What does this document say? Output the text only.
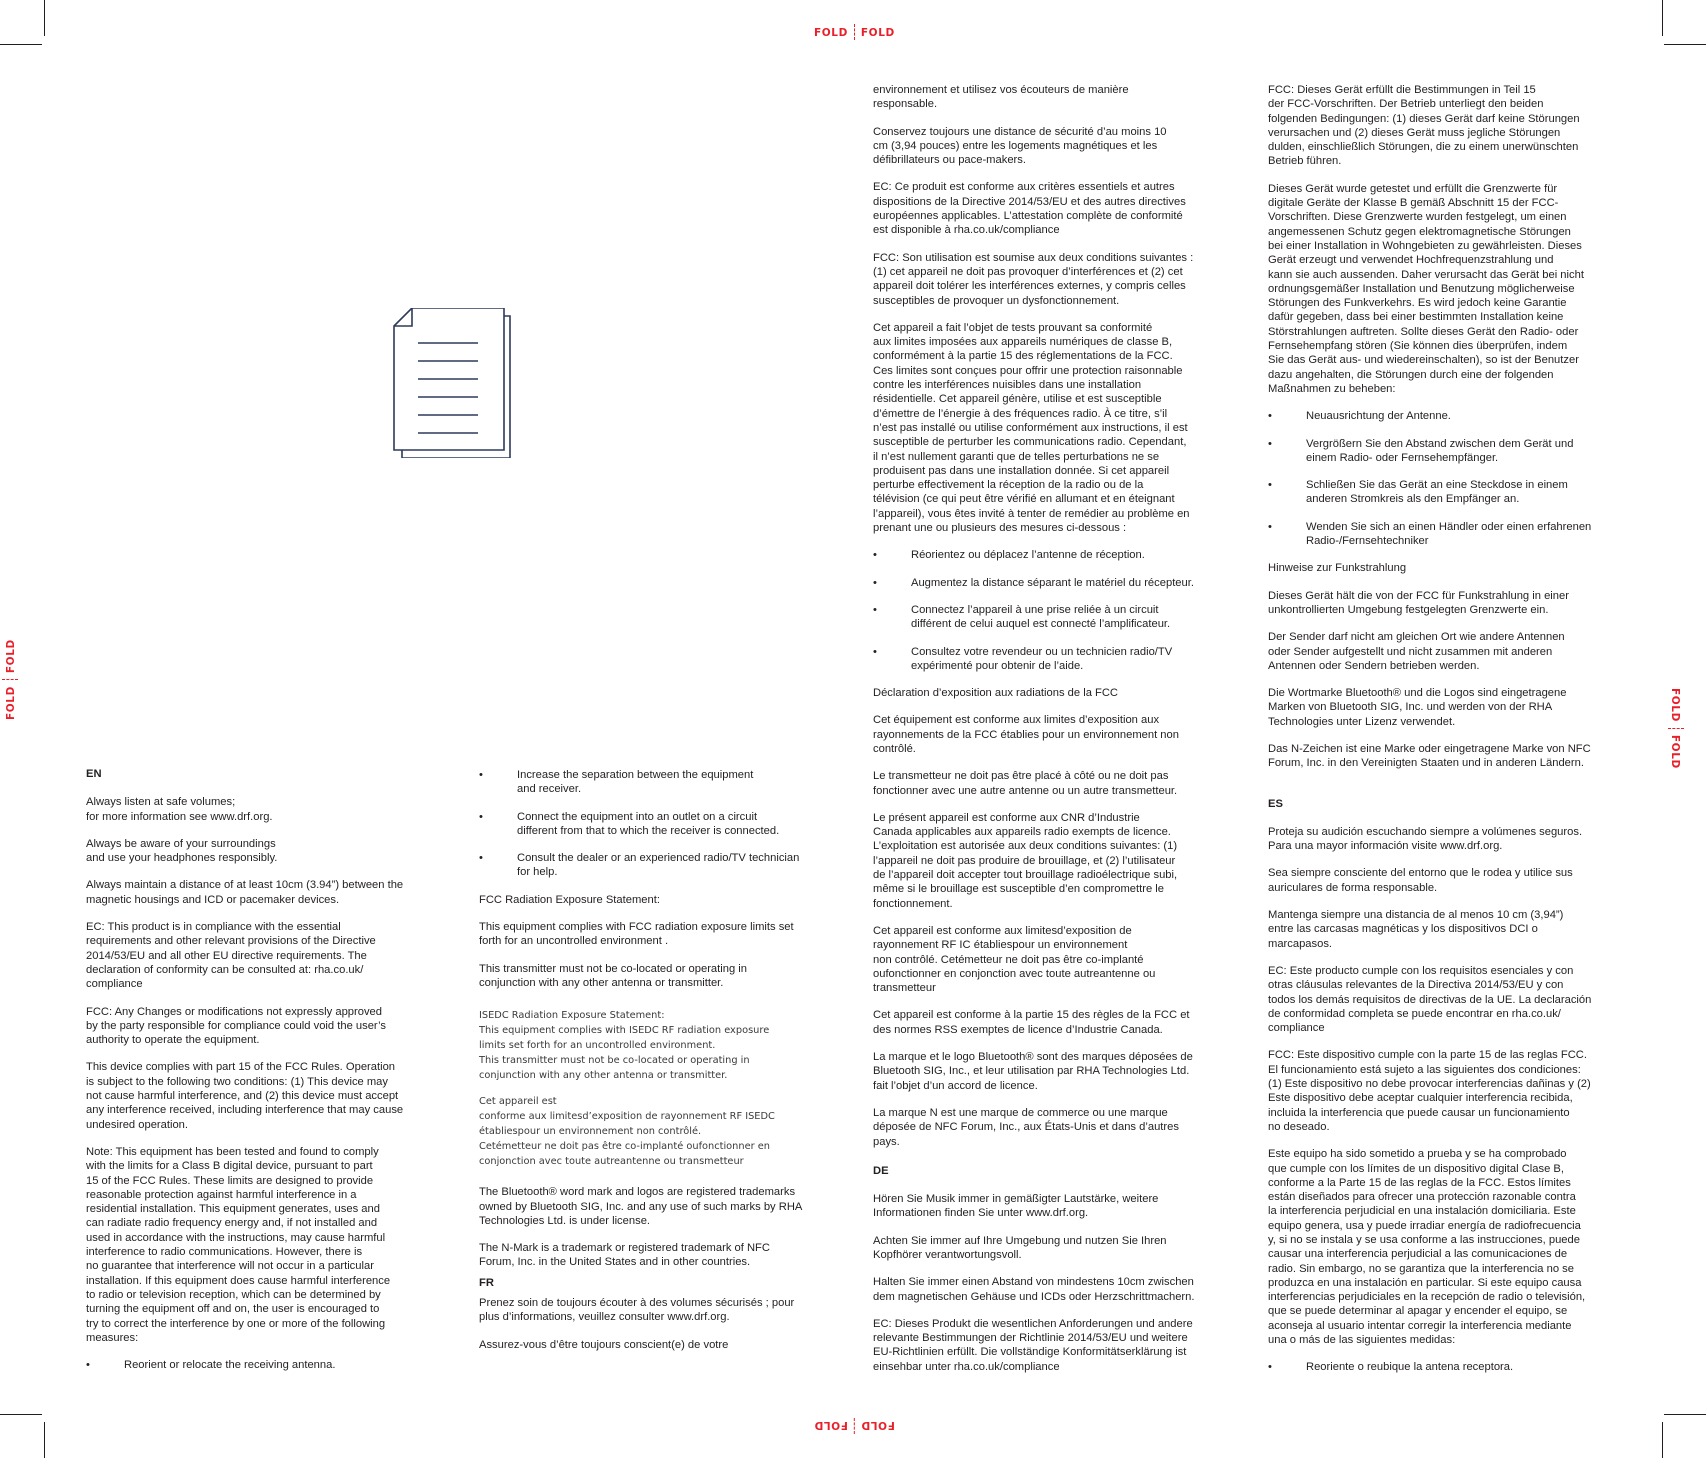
FOLD FOLD
FOLDFOLD
FOLDFOLD
FOLDFOLD
EN

Always listen at safe volumes;
for more information see www.drf.org.

Always be aware of your surroundings
and use your headphones responsibly.

Always maintain a distance of at least 10cm (3.94”) between the
magnetic housings and ICD or pacemaker devices.

EC: This product is in compliance with the essential
requirements and other relevant provisions of the Directive
2014/53/EU and all other EU directive requirements. The
declaration of conformity can be consulted at: rha.co.uk/
compliance

FCC: Any Changes or modifications not expressly approved
by the party responsible for compliance could void the user’s
authority to operate the equipment.

This device complies with part 15 of the FCC Rules. Operation
is subject to the following two conditions: (1) This device may
not cause harmful interference, and (2) this device must accept
any interference received, including interference that may cause
undesired operation.

Note: This equipment has been tested and found to comply
with the limits for a Class B digital device, pursuant to part
15 of the FCC Rules. These limits are designed to provide
reasonable protection against harmful interference in a
residential installation. This equipment generates, uses and
can radiate radio frequency energy and, if not installed and
used in accordance with the instructions, may cause harmful
interference to radio communications. However, there is
no guarantee that interference will not occur in a particular
installation. If this equipment does cause harmful interference
to radio or television reception, which can be determined by
turning the equipment off and on, the user is encouraged to
try to correct the interference by one or more of the following
measures:

• Reorient or relocate the receiving antenna.
• Increase the separation between the equipment
and receiver.
• Connect the equipment into an outlet on a circuit
different from that to which the receiver is connected.
• Consult the dealer or an experienced radio/TV technician
for help.

FCC Radiation Exposure Statement:

This equipment complies with FCC radiation exposure limits set
forth for an uncontrolled environment .

This transmitter must not be co-located or operating in
conjunction with any other antenna or transmitter.

ISEDC Radiation Exposure Statement:
This equipment complies with ISEDC RF radiation exposure
limits set forth for an uncontrolled environment.
This transmitter must not be co-located or operating in
conjunction with any other antenna or transmitter.

Cet appareil est
conforme aux limitesd’exposition de rayonnement RF ISEDC
établiespour un environnement non contrôlé.
Cetémetteur ne doit pas être co-implanté oufonctionner en
conjonction avec toute autreantenne ou transmetteur

The Bluetooth® word mark and logos are registered trademarks
owned by Bluetooth SIG, Inc. and any use of such marks by RHA
Technologies Ltd. is under license.

The N-Mark is a trademark or registered trademark of NFC
Forum, Inc. in the United States and in other countries.

FR

Prenez soin de toujours écouter à des volumes sécurisés ; pour
plus d’informations, veuillez consulter www.drf.org.

Assurez-vous d’être toujours conscient(e) de votre

environnement et utilisez vos écouteurs de manière
responsable.

Conservez toujours une distance de sécurité d’au moins 10
cm (3,94 pouces) entre les logements magnétiques et les
défibrillateurs ou pace-makers.

EC: Ce produit est conforme aux critères essentiels et autres
dispositions de la Directive 2014/53/EU et des autres directives
européennes applicables. L’attestation complète de conformité
est disponible à rha.co.uk/compliance

FCC: Son utilisation est soumise aux deux conditions suivantes :
(1) cet appareil ne doit pas provoquer d’interférences et (2) cet
appareil doit tolérer les interférences externes, y compris celles
susceptibles de provoquer un dysfonctionnement.

Cet appareil a fait l’objet de tests prouvant sa conformité
aux limites imposées aux appareils numériques de classe B,
conformément à la partie 15 des réglementations de la FCC.
Ces limites sont conçues pour offrir une protection raisonnable
contre les interférences nuisibles dans une installation
résidentielle. Cet appareil génère, utilise et est susceptible
d’émettre de l’énergie à des fréquences radio. À ce titre, s’il
n’est pas installé ou utilise conformément aux instructions, il est
susceptible de perturber les communications radio. Cependant,
il n’est nullement garanti que de telles perturbations ne se
produisent pas dans une installation donnée. Si cet appareil
perturbe effectivement la réception de la radio ou de la
télévision (ce qui peut être vérifié en allumant et en éteignant
l’appareil), vous êtes invité à tenter de remédier au problème en
prenant une ou plusieurs des mesures ci-dessous :

• Réorientez ou déplacez l’antenne de réception.
• Augmentez la distance séparant le matériel du récepteur.
• Connectez l’appareil à une prise reliée à un circuit
différent de celui auquel est connecté l’amplificateur.
• Consultez votre revendeur ou un technicien radio/TV
expérimenté pour obtenir de l’aide.

Déclaration d’exposition aux radiations de la FCC

Cet équipement est conforme aux limites d’exposition aux
rayonnements de la FCC établies pour un environnement non
contrôlé.

Le transmetteur ne doit pas être placé à côté ou ne doit pas
fonctionner avec une autre antenne ou un autre transmetteur.

Le présent appareil est conforme aux CNR d’Industrie
Canada applicables aux appareils radio exempts de licence.
L’exploitation est autorisée aux deux conditions suivantes: (1)
l’appareil ne doit pas produire de brouillage, et (2) l’utilisateur
de l’appareil doit accepter tout brouillage radioélectrique subi,
même si le brouillage est susceptible d’en compromettre le
fonctionnement.

Cet appareil est conforme aux limitesd’exposition de
rayonnement RF IC établiespour un environnement
non contrôlé. Cetémetteur ne doit pas être co-implanté
oufonctionner en conjonction avec toute autreantenne ou
transmetteur

Cet appareil est conforme à la partie 15 des règles de la FCC et
des normes RSS exemptes de licence d’Industrie Canada.

La marque et le logo Bluetooth® sont des marques déposées de
Bluetooth SIG, Inc., et leur utilisation par RHA Technologies Ltd.
fait l’objet d’un accord de licence.

La marque N est une marque de commerce ou une marque
déposée de NFC Forum, Inc., aux États-Unis et dans d’autres
pays.

DE

Hören Sie Musik immer in gemäßigter Lautstärke, weitere
Informationen finden Sie unter www.drf.org.

Achten Sie immer auf Ihre Umgebung und nutzen Sie Ihren
Kopfhörer verantwortungsvoll.

Halten Sie immer einen Abstand von mindestens 10cm zwischen
dem magnetischen Gehäuse und ICDs oder Herzschrittmachern.

EC: Dieses Produkt die wesentlichen Anforderungen und andere
relevante Bestimmungen der Richtlinie 2014/53/EU und weitere
EU-Richtlinien erfüllt. Die vollständige Konformitätserklärung ist
einsehbar unter rha.co.uk/compliance

FCC: Dieses Gerät erfüllt die Bestimmungen in Teil 15
der FCC-Vorschriften. Der Betrieb unterliegt den beiden
folgenden Bedingungen: (1) dieses Gerät darf keine Störungen
verursachen und (2) dieses Gerät muss jegliche Störungen
dulden, einschließlich Störungen, die zu einem unerwünschten
Betrieb führen.

Dieses Gerät wurde getestet und erfüllt die Grenzwerte für
digitale Geräte der Klasse B gemäß Abschnitt 15 der FCC-
Vorschriften. Diese Grenzwerte wurden festgelegt, um einen
angemessenen Schutz gegen elektromagnetische Störungen
bei einer Installation in Wohngebieten zu gewährleisten. Dieses
Gerät erzeugt und verwendet Hochfrequenzstrahlung und
kann sie auch aussenden. Daher verursacht das Gerät bei nicht
ordnungsgemäßer Installation und Benutzung möglicherweise
Störungen des Funkverkehrs. Es wird jedoch keine Garantie
dafür gegeben, dass bei einer bestimmten Installation keine
Störstrahlungen auftreten. Sollte dieses Gerät den Radio- oder
Fernsehempfang stören (Sie können dies überprüfen, indem
Sie das Gerät aus- und wiedereinschalten), so ist der Benutzer
dazu angehalten, die Störungen durch eine der folgenden
Maßnahmen zu beheben:

• Neuausrichtung der Antenne.
• Vergrößern Sie den Abstand zwischen dem Gerät und
einem Radio- oder Fernsehempfänger.
• Schließen Sie das Gerät an eine Steckdose in einem
anderen Stromkreis als den Empfänger an.
• Wenden Sie sich an einen Händler oder einen erfahrenen
Radio-/Fernsehtechniker

Hinweise zur Funkstrahlung

Dieses Gerät hält die von der FCC für Funkstrahlung in einer
unkontrollierten Umgebung festgelegten Grenzwerte ein.

Der Sender darf nicht am gleichen Ort wie andere Antennen
oder Sender aufgestellt und nicht zusammen mit anderen
Antennen oder Sendern betrieben werden.

Die Wortmarke Bluetooth® und die Logos sind eingetragene
Marken von Bluetooth SIG, Inc. und werden von der RHA
Technologies unter Lizenz verwendet.

Das N-Zeichen ist eine Marke oder eingetragene Marke von NFC
Forum, Inc. in den Vereinigten Staaten und in anderen Ländern.

ES

Proteja su audición escuchando siempre a volúmenes seguros.
Para una mayor información visite www.drf.org.

Sea siempre consciente del entorno que le rodea y utilice sus
auriculares de forma responsable.

Mantenga siempre una distancia de al menos 10 cm (3,94”)
entre las carcasas magnéticas y los dispositivos DCI o
marcapasos.

EC: Este producto cumple con los requisitos esenciales y con
otras cláusulas relevantes de la Directiva 2014/53/EU y con
todos los demás requisitos de directivas de la UE. La declaración
de conformidad completa se puede encontrar en rha.co.uk/
compliance

FCC: Este dispositivo cumple con la parte 15 de las reglas FCC.
El funcionamiento está sujeto a las siguientes dos condiciones:
(1) Este dispositivo no debe provocar interferencias dañinas y (2)
Este dispositivo debe aceptar cualquier interferencia recibida,
incluida la interferencia que puede causar un funcionamiento
no deseado.

Este equipo ha sido sometido a prueba y se ha comprobado
que cumple con los límites de un dispositivo digital Clase B,
conforme a la Parte 15 de las reglas de la FCC. Estos límites
están diseñados para ofrecer una protección razonable contra
la interferencia perjudicial en una instalación domiciliaria. Este
equipo genera, usa y puede irradiar energía de radiofrecuencia
y, si no se instala y se usa conforme a las instrucciones, puede
causar una interferencia perjudicial a las comunicaciones de
radio. Sin embargo, no se garantiza que la interferencia no se
produzca en una instalación en particular. Si este equipo causa
interferencias perjudiciales en la recepción de radio o televisión,
que se puede determinar al apagar y encender el equipo, se
aconseja al usuario intentar corregir la interferencia mediante
una o más de las siguientes medidas:

• Reoriente o reubique la antena receptora.
